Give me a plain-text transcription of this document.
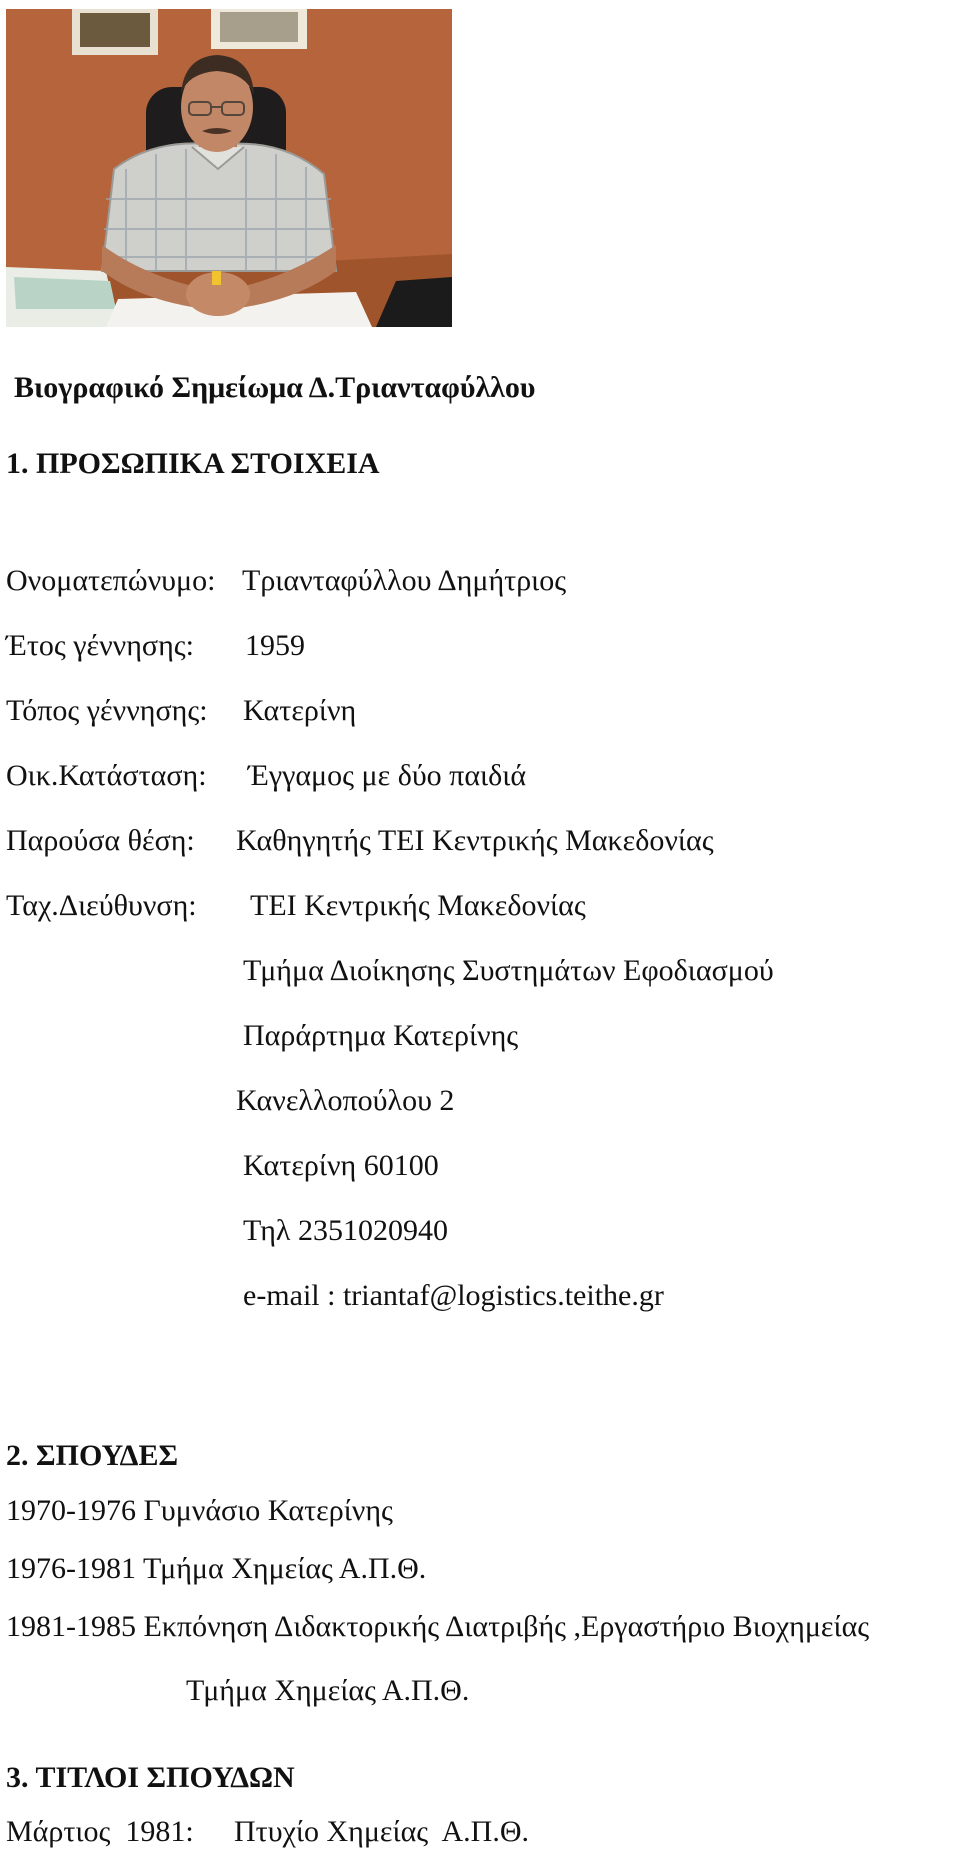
Βιογραφικό Σημείωμα Δ.Τριανταφύλλου
1. ΠΡΟΣΩΠΙΚΑ ΣΤΟΙΧΕΙΑ
Ονοματεπώνυμο: Τριανταφύλλου Δημήτριος
Έτος γέννησης: 1959
Τόπος γέννησης: Κατερίνη
Οικ.Κατάσταση: Έγγαμος με δύο παιδιά
Παρούσα θέση: Καθηγητής ΤΕΙ Κεντρικής Μακεδονίας
Ταχ.Διεύθυνση: ΤΕΙ Κεντρικής Μακεδονίας
Τμήμα Διοίκησης Συστημάτων Εφοδιασμού
Παράρτημα Κατερίνης
Κανελλοπούλου 2
Κατερίνη 60100
Τηλ 2351020940
e-mail : triantaf@logistics.teithe.gr
2. ΣΠΟΥΔΕΣ
1970-1976 Γυμνάσιο Κατερίνης
1976-1981 Τμήμα Χημείας Α.Π.Θ.
1981-1985 Εκπόνηση Διδακτορικής Διατριβής ,Εργαστήριο Βιοχημείας
Τμήμα Χημείας Α.Π.Θ.
3. ΤΙΤΛΟΙ ΣΠΟΥΔΩΝ
Μάρτιος  1981: Πτυχίο Χημείας  Α.Π.Θ.
